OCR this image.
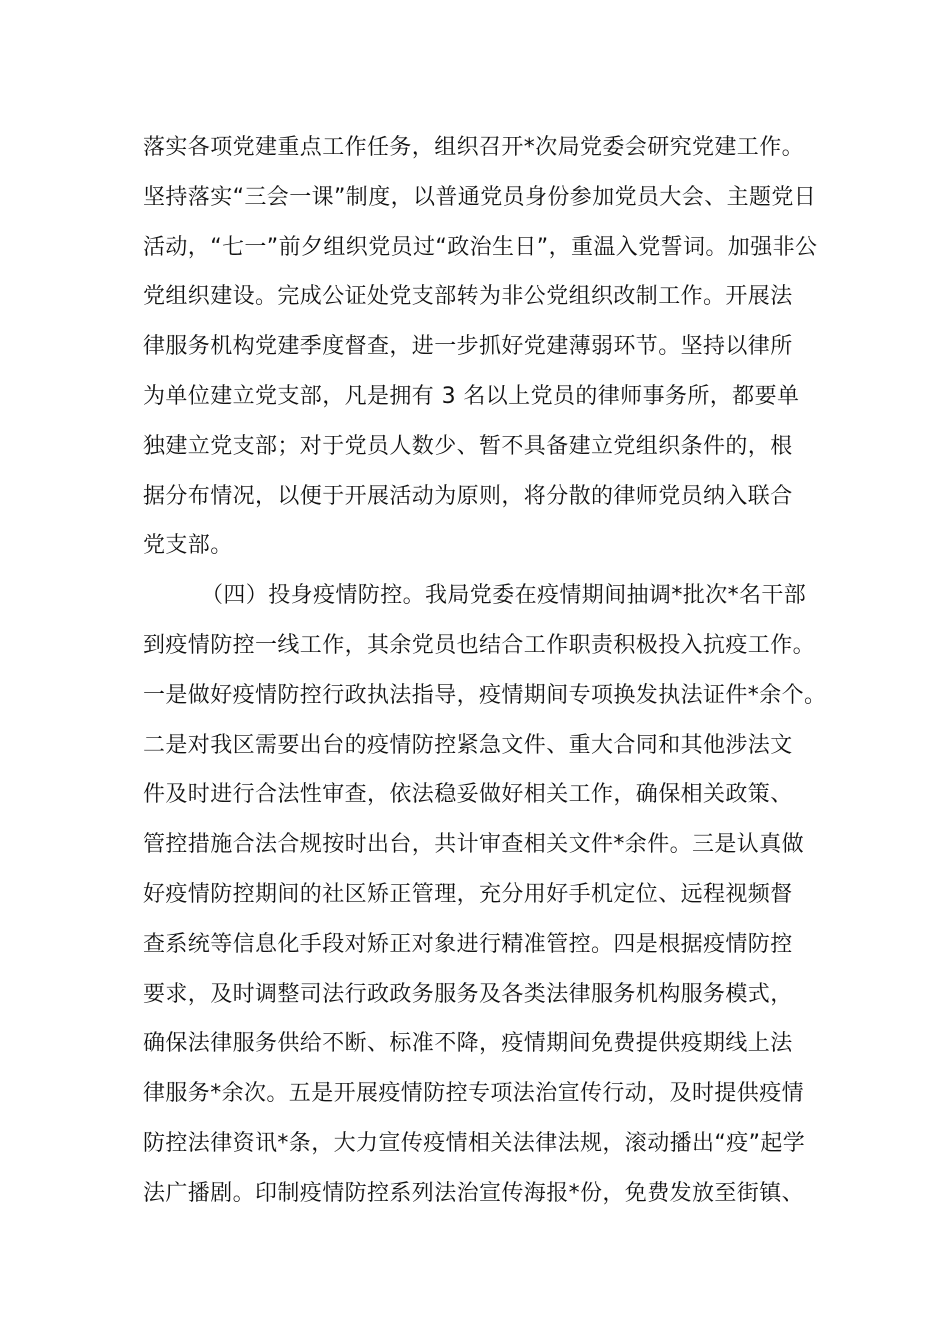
落实各项党建重点工作任务，组织召开*次局党委会研究党建工作。
坚持落实“三会一课”制度，以普通党员身份参加党员大会、主题党日
活动，“七一”前夕组织党员过“政治生日”，重温入党誓词。加强非公
党组织建设。完成公证处党支部转为非公党组织改制工作。开展法
律服务机构党建季度督查，进一步抓好党建薄弱环节。坚持以律所
为单位建立党支部，凡是拥有 3 名以上党员的律师事务所，都要单
独建立党支部；对于党员人数少、暂不具备建立党组织条件的，根
据分布情况，以便于开展活动为原则，将分散的律师党员纳入联合
党支部。
（四）投身疫情防控。我局党委在疫情期间抽调*批次*名干部
到疫情防控一线工作，其余党员也结合工作职责积极投入抗疫工作。
一是做好疫情防控行政执法指导，疫情期间专项换发执法证件*余个。
二是对我区需要出台的疫情防控紧急文件、重大合同和其他涉法文
件及时进行合法性审查，依法稳妥做好相关工作，确保相关政策、
管控措施合法合规按时出台，共计审查相关文件*余件。三是认真做
好疫情防控期间的社区矫正管理，充分用好手机定位、远程视频督
查系统等信息化手段对矫正对象进行精准管控。四是根据疫情防控
要求，及时调整司法行政政务服务及各类法律服务机构服务模式，
确保法律服务供给不断、标准不降，疫情期间免费提供疫期线上法
律服务*余次。五是开展疫情防控专项法治宣传行动，及时提供疫情
防控法律资讯*条，大力宣传疫情相关法律法规，滚动播出“疫”起学
法广播剧。印制疫情防控系列法治宣传海报*份，免费发放至街镇、
